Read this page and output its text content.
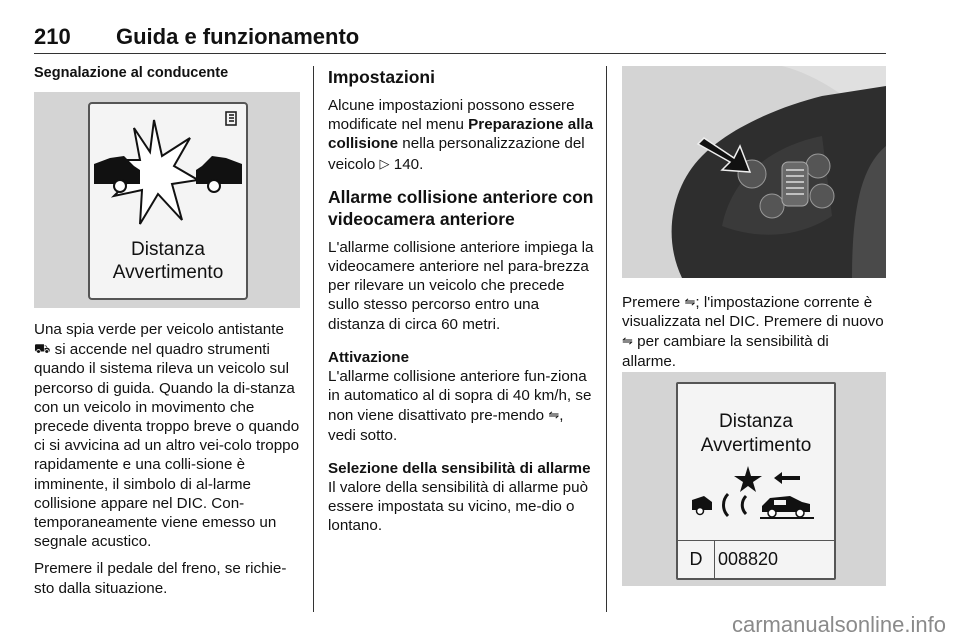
210 Guida e funzionamento
Segnalazione al conducente
Distanza
Avvertimento

Una spia verde per veicolo antistante
⛟ si accende nel quadro strumenti quando il sistema rileva un veicolo sul percorso di guida. Quando la di-stanza con un veicolo in movimento che precede diventa troppo breve o quando ci si avvicina ad un altro vei-colo troppo rapidamente e una colli-sione è imminente, il simbolo di al-larme collisione appare nel DIC. Con-temporaneamente viene emesso un segnale acustico.

Premere il pedale del freno, se richie-sto dalla situazione.

Impostazioni

Alcune impostazioni possono essere modificate nel menu Preparazione alla collisione nella personalizzazione del veicolo ▷ 140.

Allarme collisione anteriore con videocamera anteriore

L'allarme collisione anteriore impiega la videocamere anteriore nel para-brezza per rilevare un veicolo che precede sullo stesso percorso entro una distanza di circa 60 metri.

Attivazione

L'allarme collisione anteriore fun-ziona in automatico al di sopra di 40 km/h, se non viene disattivato pre-mendo ⇋, vedi sotto.

Selezione della sensibilità di allarme

Il valore della sensibilità di allarme può essere impostata su vicino, me-dio o lontano.

Premere ⇋; l'impostazione corrente è visualizzata nel DIC. Premere di nuovo ⇋ per cambiare la sensibilità di allarme.

Distanza
Avvertimento
D 008820
carmanualsonline.info
